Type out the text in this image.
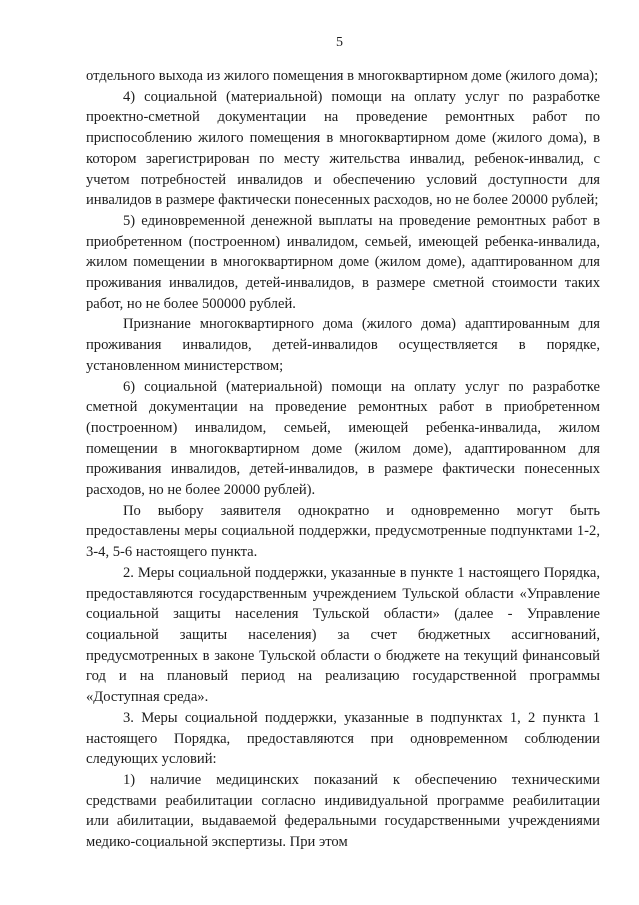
5

отдельного выхода из жилого помещения в многоквартирном доме (жилого дома);

4) социальной (материальной) помощи на оплату услуг по разработке проектно-сметной документации на проведение ремонтных работ по приспособлению жилого помещения в многоквартирном доме (жилого дома), в котором зарегистрирован по месту жительства инвалид, ребенок-инвалид, с учетом потребностей инвалидов и обеспечению условий доступности для инвалидов в размере фактически понесенных расходов, но не более 20000 рублей;

5) единовременной денежной выплаты на проведение ремонтных работ в приобретенном (построенном) инвалидом, семьей, имеющей ребенка-инвалида, жилом помещении в многоквартирном доме (жилом доме), адаптированном для проживания инвалидов, детей-инвалидов, в размере сметной стоимости таких работ, но не более 500000 рублей.

Признание многоквартирного дома (жилого дома) адаптированным для проживания инвалидов, детей-инвалидов осуществляется в порядке, установленном министерством;

6) социальной (материальной) помощи на оплату услуг по разработке сметной документации на проведение ремонтных работ в приобретенном (построенном) инвалидом, семьей, имеющей ребенка-инвалида, жилом помещении в многоквартирном доме (жилом доме), адаптированном для проживания инвалидов, детей-инвалидов, в размере фактически понесенных расходов, но не более 20000 рублей).

По выбору заявителя однократно и одновременно могут быть предоставлены меры социальной поддержки, предусмотренные подпунктами 1-2, 3-4, 5-6 настоящего пункта.

2. Меры социальной поддержки, указанные в пункте 1 настоящего Порядка, предоставляются государственным учреждением Тульской области «Управление социальной защиты населения Тульской области» (далее - Управление социальной защиты населения) за счет бюджетных ассигнований, предусмотренных в законе Тульской области о бюджете на текущий финансовый год и на плановый период на реализацию государственной программы «Доступная среда».

3. Меры социальной поддержки, указанные в подпунктах 1, 2 пункта 1 настоящего Порядка, предоставляются при одновременном соблюдении следующих условий:

1) наличие медицинских показаний к обеспечению техническими средствами реабилитации согласно индивидуальной программе реабилитации или абилитации, выдаваемой федеральными государственными учреждениями медико-социальной экспертизы. При этом
